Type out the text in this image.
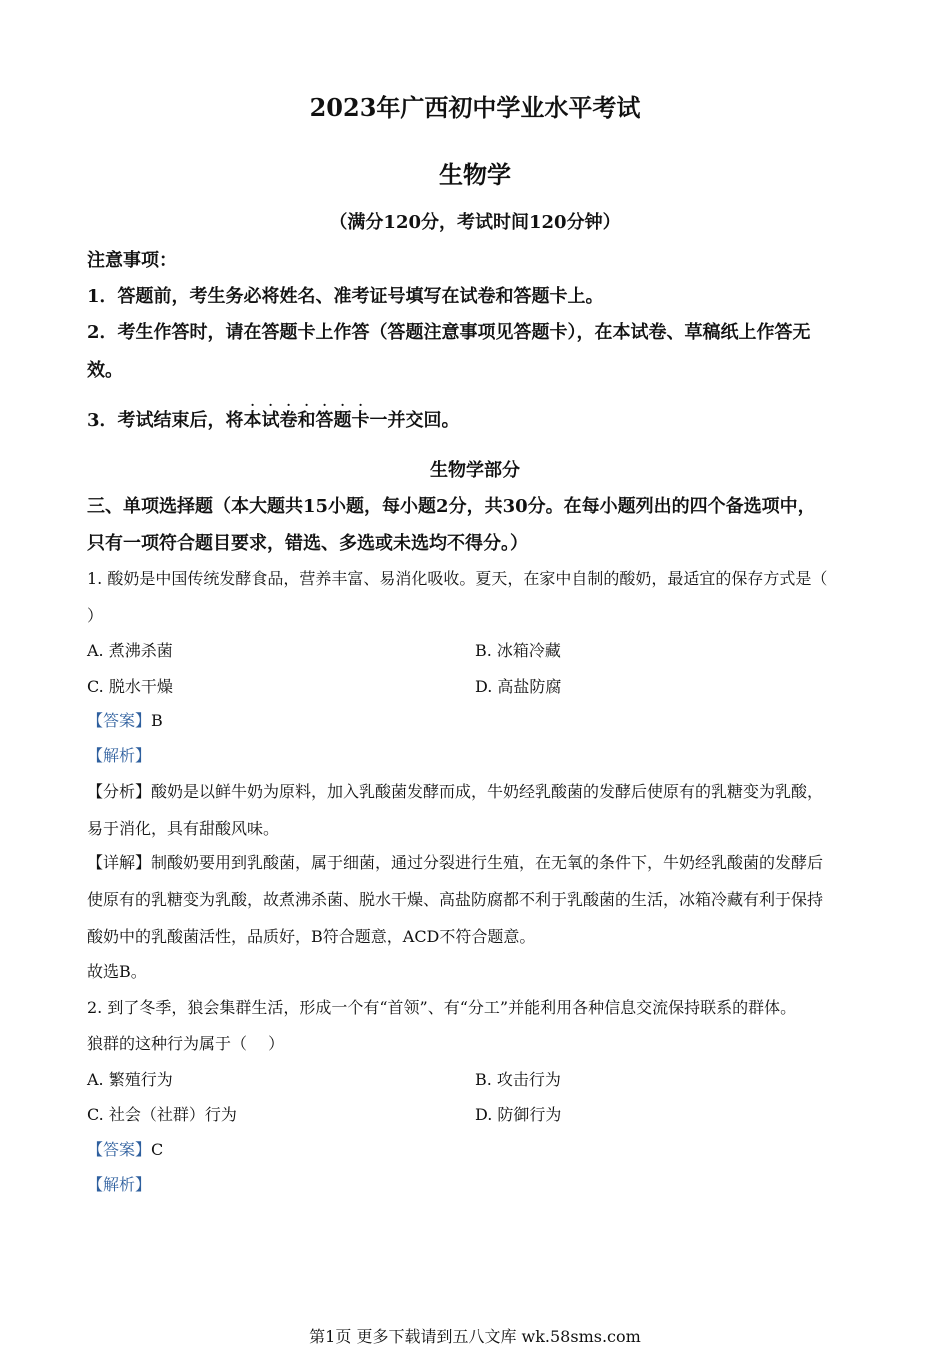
2023年广西初中学业水平考试
生物学
（满分120分，考试时间120分钟）
注意事项：
1．答题前，考生务必将姓名、准考证号填写在试卷和答题卡上。
2．考生作答时，请在答题卡上作答（答题注意事项见答题卡），在本试卷、草稿纸上作答无
效。
3．考试结束后，将
·
本
·
试
·
卷
·
和
·
答
·
题
·
卡一并交回。
生物学部分
三、单项选择题（本大题共15小题，每小题2分，共30分。在每小题列出的四个备选项中，
只有一项符合题目要求，错选、多选或未选均不得分。）
1. 酸奶是中国传统发酵食品，营养丰富、易消化吸收。夏天，在家中自制的酸奶，最适宜的保存方式是（
）
A. 煮沸杀菌	B. 冰箱冷藏
C. 脱水干燥	D. 高盐防腐
【答案】B
【解析】
【分析】酸奶是以鲜牛奶为原料，加入乳酸菌发酵而成，牛奶经乳酸菌的发酵后使原有的乳糖变为乳酸，
易于消化，具有甜酸风味。
【详解】制酸奶要用到乳酸菌，属于细菌，通过分裂进行生殖，在无氧的条件下，牛奶经乳酸菌的发酵后
使原有的乳糖变为乳酸，故煮沸杀菌、脱水干燥、高盐防腐都不利于乳酸菌的生活，冰箱冷藏有利于保持
酸奶中的乳酸菌活性，品质好，B符合题意，ACD不符合题意。
故选B。
2. 到了冬季，狼会集群生活，形成一个有“首领”、有“分工”并能利用各种信息交流保持联系的群体。
狼群的这种行为属于（　 ）
A. 繁殖行为	B. 攻击行为
C. 社会（社群）行为	D. 防御行为
【答案】C
【解析】
第1页 更多下载请到五八文库 wk.58sms.com
